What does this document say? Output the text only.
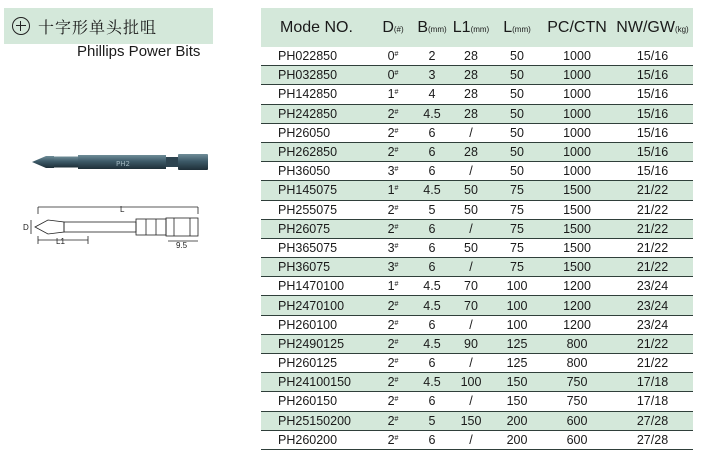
十字形单头批咀
Phillips Power Bits
PH2
L
L1
D
9.5
Mode NO.	D(#)	B(mm)	L1(mm)	L(mm)	PC/CTN	NW/GW(kg)
PH022850	0#	2	28	50	1000	15/16
PH032850	0#	3	28	50	1000	15/16
PH142850	1#	4	28	50	1000	15/16
PH242850	2#	4.5	28	50	1000	15/16
PH26050	2#	6	/	50	1000	15/16
PH262850	2#	6	28	50	1000	15/16
PH36050	3#	6	/	50	1000	15/16
PH145075	1#	4.5	50	75	1500	21/22
PH255075	2#	5	50	75	1500	21/22
PH26075	2#	6	/	75	1500	21/22
PH365075	3#	6	50	75	1500	21/22
PH36075	3#	6	/	75	1500	21/22
PH1470100	1#	4.5	70	100	1200	23/24
PH2470100	2#	4.5	70	100	1200	23/24
PH260100	2#	6	/	100	1200	23/24
PH2490125	2#	4.5	90	125	800	21/22
PH260125	2#	6	/	125	800	21/22
PH24100150	2#	4.5	100	150	750	17/18
PH260150	2#	6	/	150	750	17/18
PH25150200	2#	5	150	200	600	27/28
PH260200	2#	6	/	200	600	27/28
